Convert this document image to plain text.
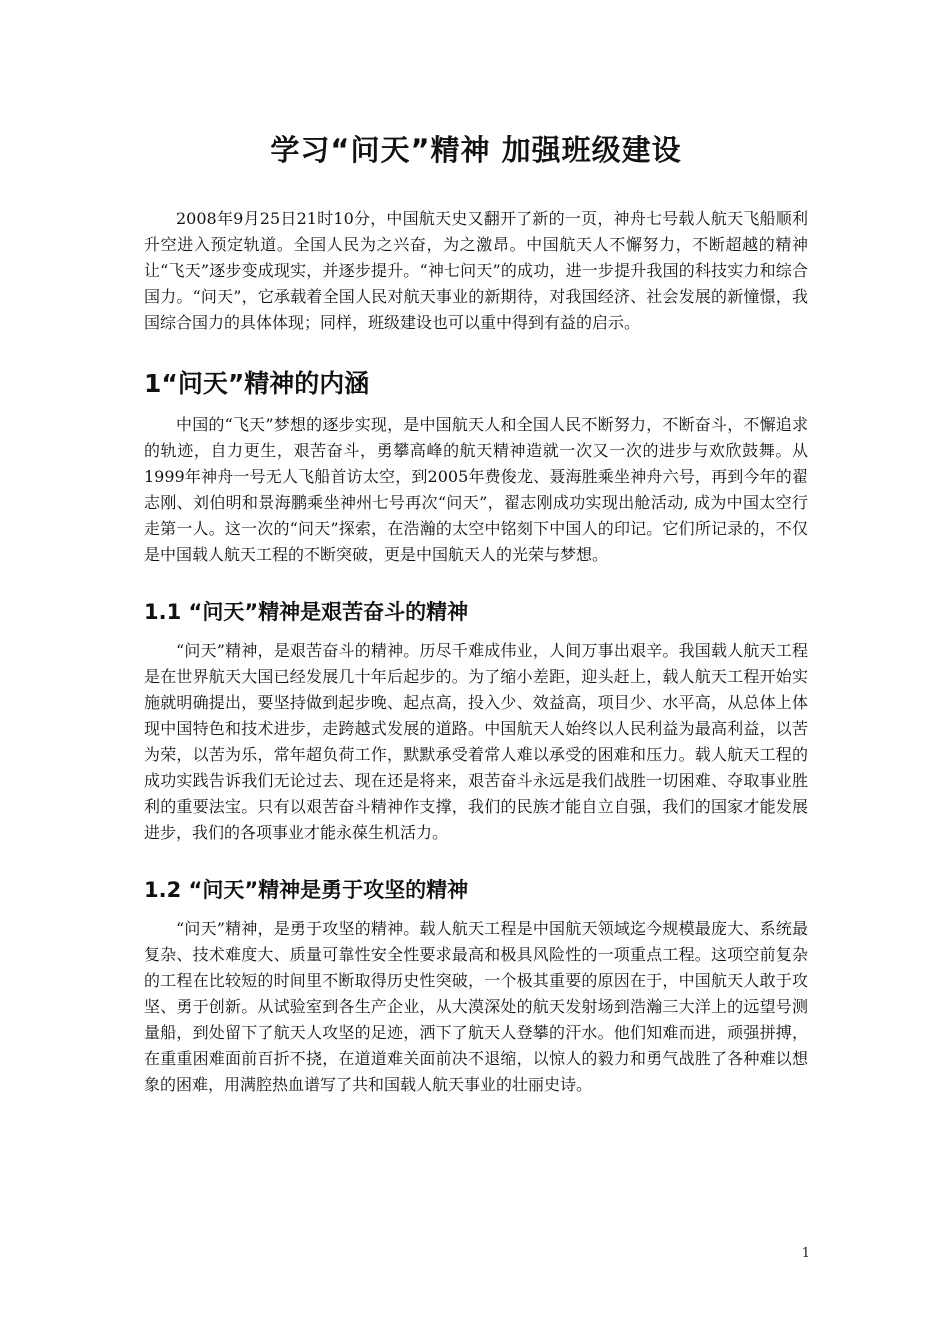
学习“问天”精神 加强班级建设

2008年9月25日21时10分，中国航天史又翻开了新的一页，神舟七号载人航天飞船顺利升空进入预定轨道。全国人民为之兴奋，为之激昂。中国航天人不懈努力，不断超越的精神让“飞天”逐步变成现实，并逐步提升。“神七问天”的成功，进一步提升我国的科技实力和综合国力。“问天”，它承载着全国人民对航天事业的新期待，对我国经济、社会发展的新憧憬，我国综合国力的具体体现；同样，班级建设也可以重中得到有益的启示。

1“问天”精神的内涵

中国的“飞天”梦想的逐步实现，是中国航天人和全国人民不断努力，不断奋斗，不懈追求的轨迹，自力更生，艰苦奋斗，勇攀高峰的航天精神造就一次又一次的进步与欢欣鼓舞。从1999年神舟一号无人飞船首访太空，到2005年费俊龙、聂海胜乘坐神舟六号，再到今年的翟志刚、刘伯明和景海鹏乘坐神州七号再次“问天”，翟志刚成功实现出舱活动, 成为中国太空行走第一人。这一次的“问天”探索，在浩瀚的太空中铭刻下中国人的印记。它们所记录的，不仅是中国载人航天工程的不断突破，更是中国航天人的光荣与梦想。

1.1 “问天”精神是艰苦奋斗的精神

“问天”精神，是艰苦奋斗的精神。历尽千难成伟业，人间万事出艰辛。我国载人航天工程是在世界航天大国已经发展几十年后起步的。为了缩小差距，迎头赶上，载人航天工程开始实施就明确提出，要坚持做到起步晚、起点高，投入少、效益高，项目少、水平高，从总体上体现中国特色和技术进步，走跨越式发展的道路。中国航天人始终以人民利益为最高利益，以苦为荣，以苦为乐，常年超负荷工作，默默承受着常人难以承受的困难和压力。载人航天工程的成功实践告诉我们无论过去、现在还是将来，艰苦奋斗永远是我们战胜一切困难、夺取事业胜利的重要法宝。只有以艰苦奋斗精神作支撑，我们的民族才能自立自强，我们的国家才能发展进步，我们的各项事业才能永葆生机活力。

1.2 “问天”精神是勇于攻坚的精神

“问天”精神，是勇于攻坚的精神。载人航天工程是中国航天领域迄今规模最庞大、系统最复杂、技术难度大、质量可靠性安全性要求最高和极具风险性的一项重点工程。这项空前复杂的工程在比较短的时间里不断取得历史性突破，一个极其重要的原因在于，中国航天人敢于攻坚、勇于创新。从试验室到各生产企业，从大漠深处的航天发射场到浩瀚三大洋上的远望号测量船，到处留下了航天人攻坚的足迹，洒下了航天人登攀的汗水。他们知难而进，顽强拼搏，在重重困难面前百折不挠，在道道难关面前决不退缩，以惊人的毅力和勇气战胜了各种难以想象的困难，用满腔热血谱写了共和国载人航天事业的壮丽史诗。

1
